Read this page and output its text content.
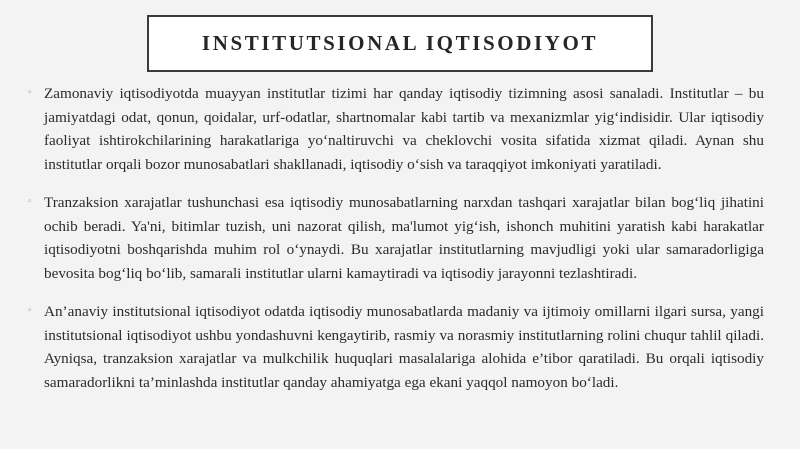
INSTITUTSIONAL IQTISODIYOT

▫ Zamonaviy iqtisodiyotda muayyan institutlar tizimi har qanday iqtisodiy tizimning asosi sanaladi. Institutlar – bu jamiyatdagi odat, qonun, qoidalar, urf-odatlar, shartnomalar kabi tartib va mexanizmlar yig‘indisidir. Ular iqtisodiy faoliyat ishtirokchilarining harakatlariga yo‘naltiruvchi va cheklovchi vosita sifatida xizmat qiladi. Aynan shu institutlar orqali bozor munosabatlari shakllanadi, iqtisodiy o‘sish va taraqqiyot imkoniyati yaratiladi.

▫ Tranzaksion xarajatlar tushunchasi esa iqtisodiy munosabatlarning narxdan tashqari xarajatlar bilan bog‘liq jihatini ochib beradi. Ya'ni, bitimlar tuzish, uni nazorat qilish, ma'lumot yig‘ish, ishonch muhitini yaratish kabi harakatlar iqtisodiyotni boshqarishda muhim rol o‘ynaydi. Bu xarajatlar institutlarning mavjudligi yoki ular samaradorligiga bevosita bog‘liq bo‘lib, samarali institutlar ularni kamaytiradi va iqtisodiy jarayonni tezlashtiradi.

▫ An’anaviy institutsional iqtisodiyot odatda iqtisodiy munosabatlarda madaniy va ijtimoiy omillarni ilgari sursa, yangi institutsional iqtisodiyot ushbu yondashuvni kengaytirib, rasmiy va norasmiy institutlarning rolini chuqur tahlil qiladi. Ayniqsa, tranzaksion xarajatlar va mulkchilik huquqlari masalalariga alohida e’tibor qaratiladi. Bu orqali iqtisodiy samaradorlikni ta’minlashda institutlar qanday ahamiyatga ega ekani yaqqol namoyon bo‘ladi.
